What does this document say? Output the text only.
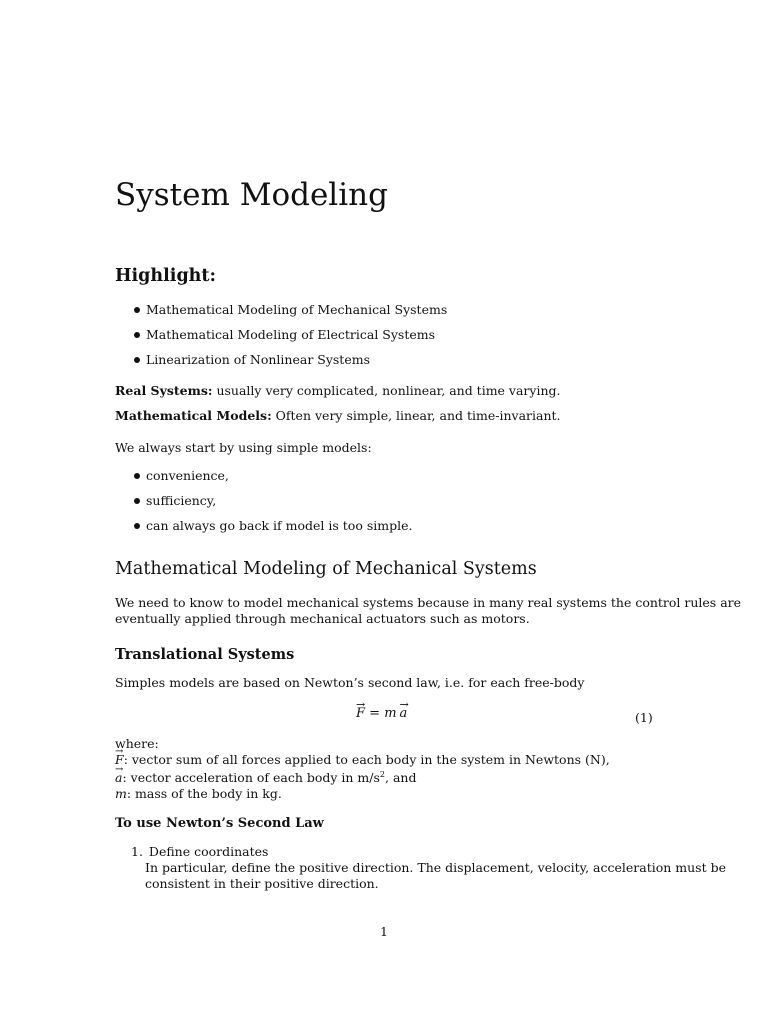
System Modeling
Highlight:
Mathematical Modeling of Mechanical Systems
Mathematical Modeling of Electrical Systems
Linearization of Nonlinear Systems
Real Systems: usually very complicated, nonlinear, and time varying.
Mathematical Models: Often very simple, linear, and time-invariant.
We always start by using simple models:
convenience,
sufficiency,
can always go back if model is too simple.
Mathematical Modeling of Mechanical Systems
We need to know to model mechanical systems because in many real systems the control rules are
eventually applied through mechanical actuators such as motors.
Translational Systems
Simples models are based on Newton’s second law, i.e. for each free-body
→ F = m→ a	(1)
where:
→ F: vector sum of all forces applied to each body in the system in Newtons (N),
→ a: vector acceleration of each body in $m/s^2$, and
m: mass of the body in kg.
To use Newton’s Second Law
1. Define coordinates
In particular, define the positive direction. The displacement, velocity, acceleration must be
consistent in their positive direction.
1
